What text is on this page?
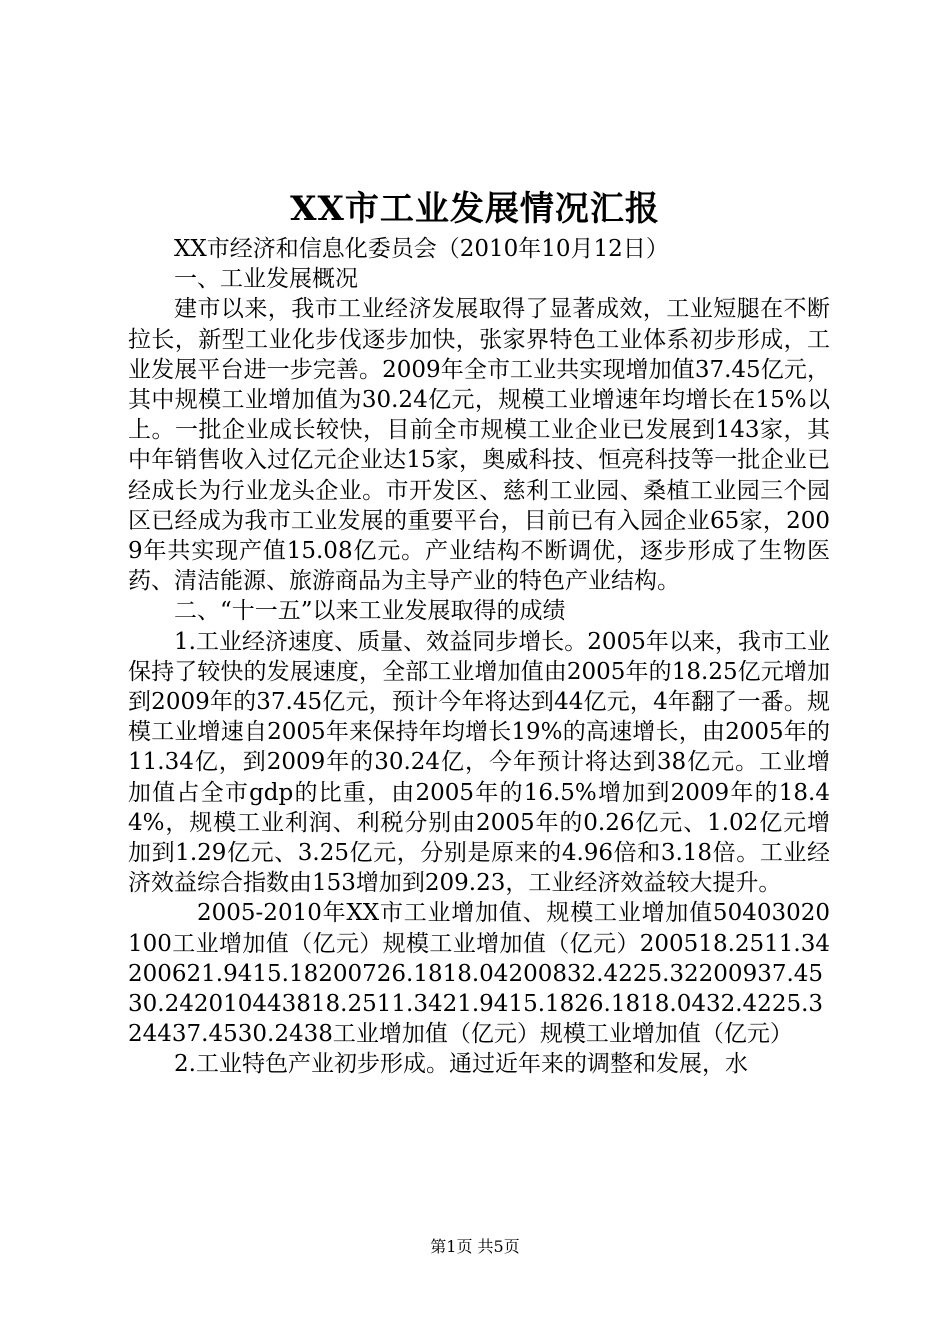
XX市工业发展情况汇报

XX市经济和信息化委员会（2010年10月12日）

一、工业发展概况

建市以来，我市工业经济发展取得了显著成效，工业短腿在不断拉长，新型工业化步伐逐步加快，张家界特色工业体系初步形成，工业发展平台进一步完善。2009年全市工业共实现增加值37.45亿元，其中规模工业增加值为30.24亿元，规模工业增速年均增长在15%以上。一批企业成长较快，目前全市规模工业企业已发展到143家，其中年销售收入过亿元企业达15家，奥威科技、恒亮科技等一批企业已经成长为行业龙头企业。市开发区、慈利工业园、桑植工业园三个园区已经成为我市工业发展的重要平台，目前已有入园企业65家，2009年共实现产值15.08亿元。产业结构不断调优，逐步形成了生物医药、清洁能源、旅游商品为主导产业的特色产业结构。

二、“十一五”以来工业发展取得的成绩

1.工业经济速度、质量、效益同步增长。2005年以来，我市工业保持了较快的发展速度，全部工业增加值由2005年的18.25亿元增加到2009年的37.45亿元，预计今年将达到44亿元，4年翻了一番。规模工业增速自2005年来保持年均增长19%的高速增长，由2005年的11.34亿，到2009年的30.24亿，今年预计将达到38亿元。工业增加值占全市gdp的比重，由2005年的16.5%增加到2009年的18.44%，规模工业利润、利税分别由2005年的0.26亿元、1.02亿元增加到1.29亿元、3.25亿元，分别是原来的4.96倍和3.18倍。工业经济效益综合指数由153增加到209.23，工业经济效益较大提升。

2005-2010年XX市工业增加值、规模工业增加值50403020100工业增加值（亿元）规模工业增加值（亿元）200518.2511.34200621.9415.18200726.1818.04200832.4225.32200937.4530.242010443818.2511.3421.9415.1826.1818.0432.4225.324437.4530.2438工业增加值（亿元）规模工业增加值（亿元）

2.工业特色产业初步形成。通过近年来的调整和发展，水

第1页 共5页
